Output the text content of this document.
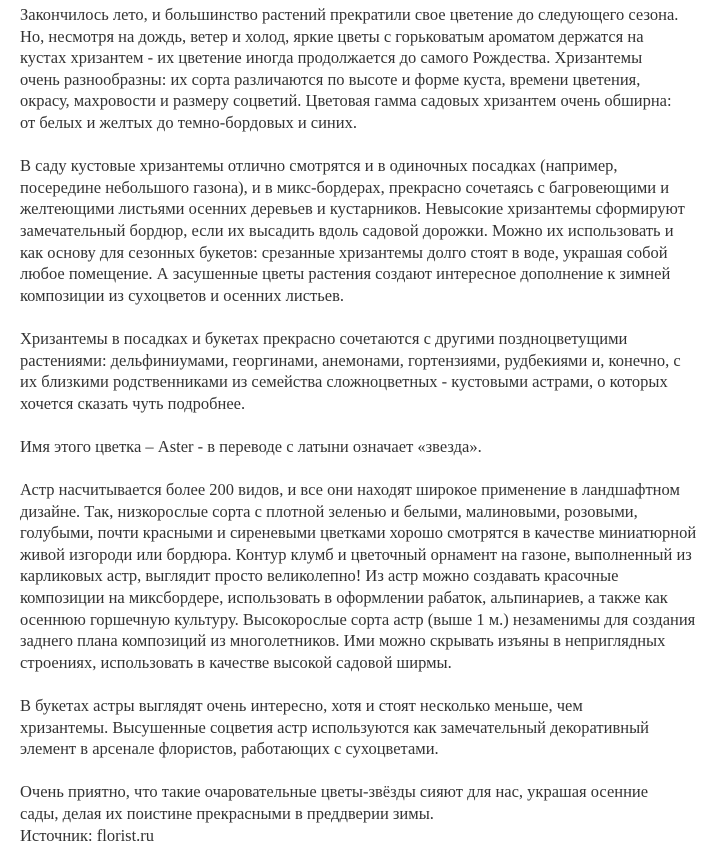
Закончилось лето, и большинство растений прекратили свое цветение до следующего сезона.
Но, несмотря на дождь, ветер и холод, яркие цветы с горьковатым ароматом держатся на
кустах хризантем - их цветение иногда продолжается до самого Рождества. Хризантемы
очень разнообразны: их сорта различаются по высоте и форме куста, времени цветения,
окрасу, махровости и размеру соцветий. Цветовая гамма садовых хризантем очень обширна:
от белых и желтых до темно-бордовых и синих.

В саду кустовые хризантемы отлично смотрятся и в одиночных посадках (например,
посередине небольшого газона), и в микс-бордерах, прекрасно сочетаясь с багровеющими и
желтеющими листьями осенних деревьев и кустарников. Невысокие хризантемы сформируют
замечательный бордюр, если их высадить вдоль садовой дорожки. Можно их использовать и
как основу для сезонных букетов: срезанные хризантемы долго стоят в воде, украшая собой
любое помещение. А засушенные цветы растения создают интересное дополнение к зимней
композиции из сухоцветов и осенних листьев.

Хризантемы в посадках и букетах прекрасно сочетаются с другими поздноцветущими
растениями: дельфиниумами, георгинами, анемонами, гортензиями, рудбекиями и, конечно, с
их близкими родственниками из семейства сложноцветных - кустовыми астрами, о которых
хочется сказать чуть подробнее.

Имя этого цветка – Aster - в переводе с латыни означает «звезда».

Астр насчитывается более 200 видов, и все они находят широкое применение в ландшафтном
дизайне. Так, низкорослые сорта с плотной зеленью и белыми, малиновыми, розовыми,
голубыми, почти красными и сиреневыми цветками хорошо смотрятся в качестве миниатюрной
живой изгороди или бордюра. Контур клумб и цветочный орнамент на газоне, выполненный из
карликовых астр, выглядит просто великолепно! Из астр можно создавать красочные
композиции на миксбордере, использовать в оформлении рабаток, альпинариев, а также как
осеннюю горшечную культуру. Высокорослые сорта астр (выше 1 м.) незаменимы для создания
заднего плана композиций из многолетников. Ими можно скрывать изъяны в неприглядных
строениях, использовать в качестве высокой садовой ширмы.

В букетах астры выглядят очень интересно, хотя и стоят несколько меньше, чем
хризантемы. Высушенные соцветия астр используются как замечательный декоративный
элемент в арсенале флористов, работающих с сухоцветами.

Очень приятно, что такие очаровательные цветы-звёзды сияют для нас, украшая осенние
сады, делая их поистине прекрасными в преддверии зимы.

Источник: florist.ru
